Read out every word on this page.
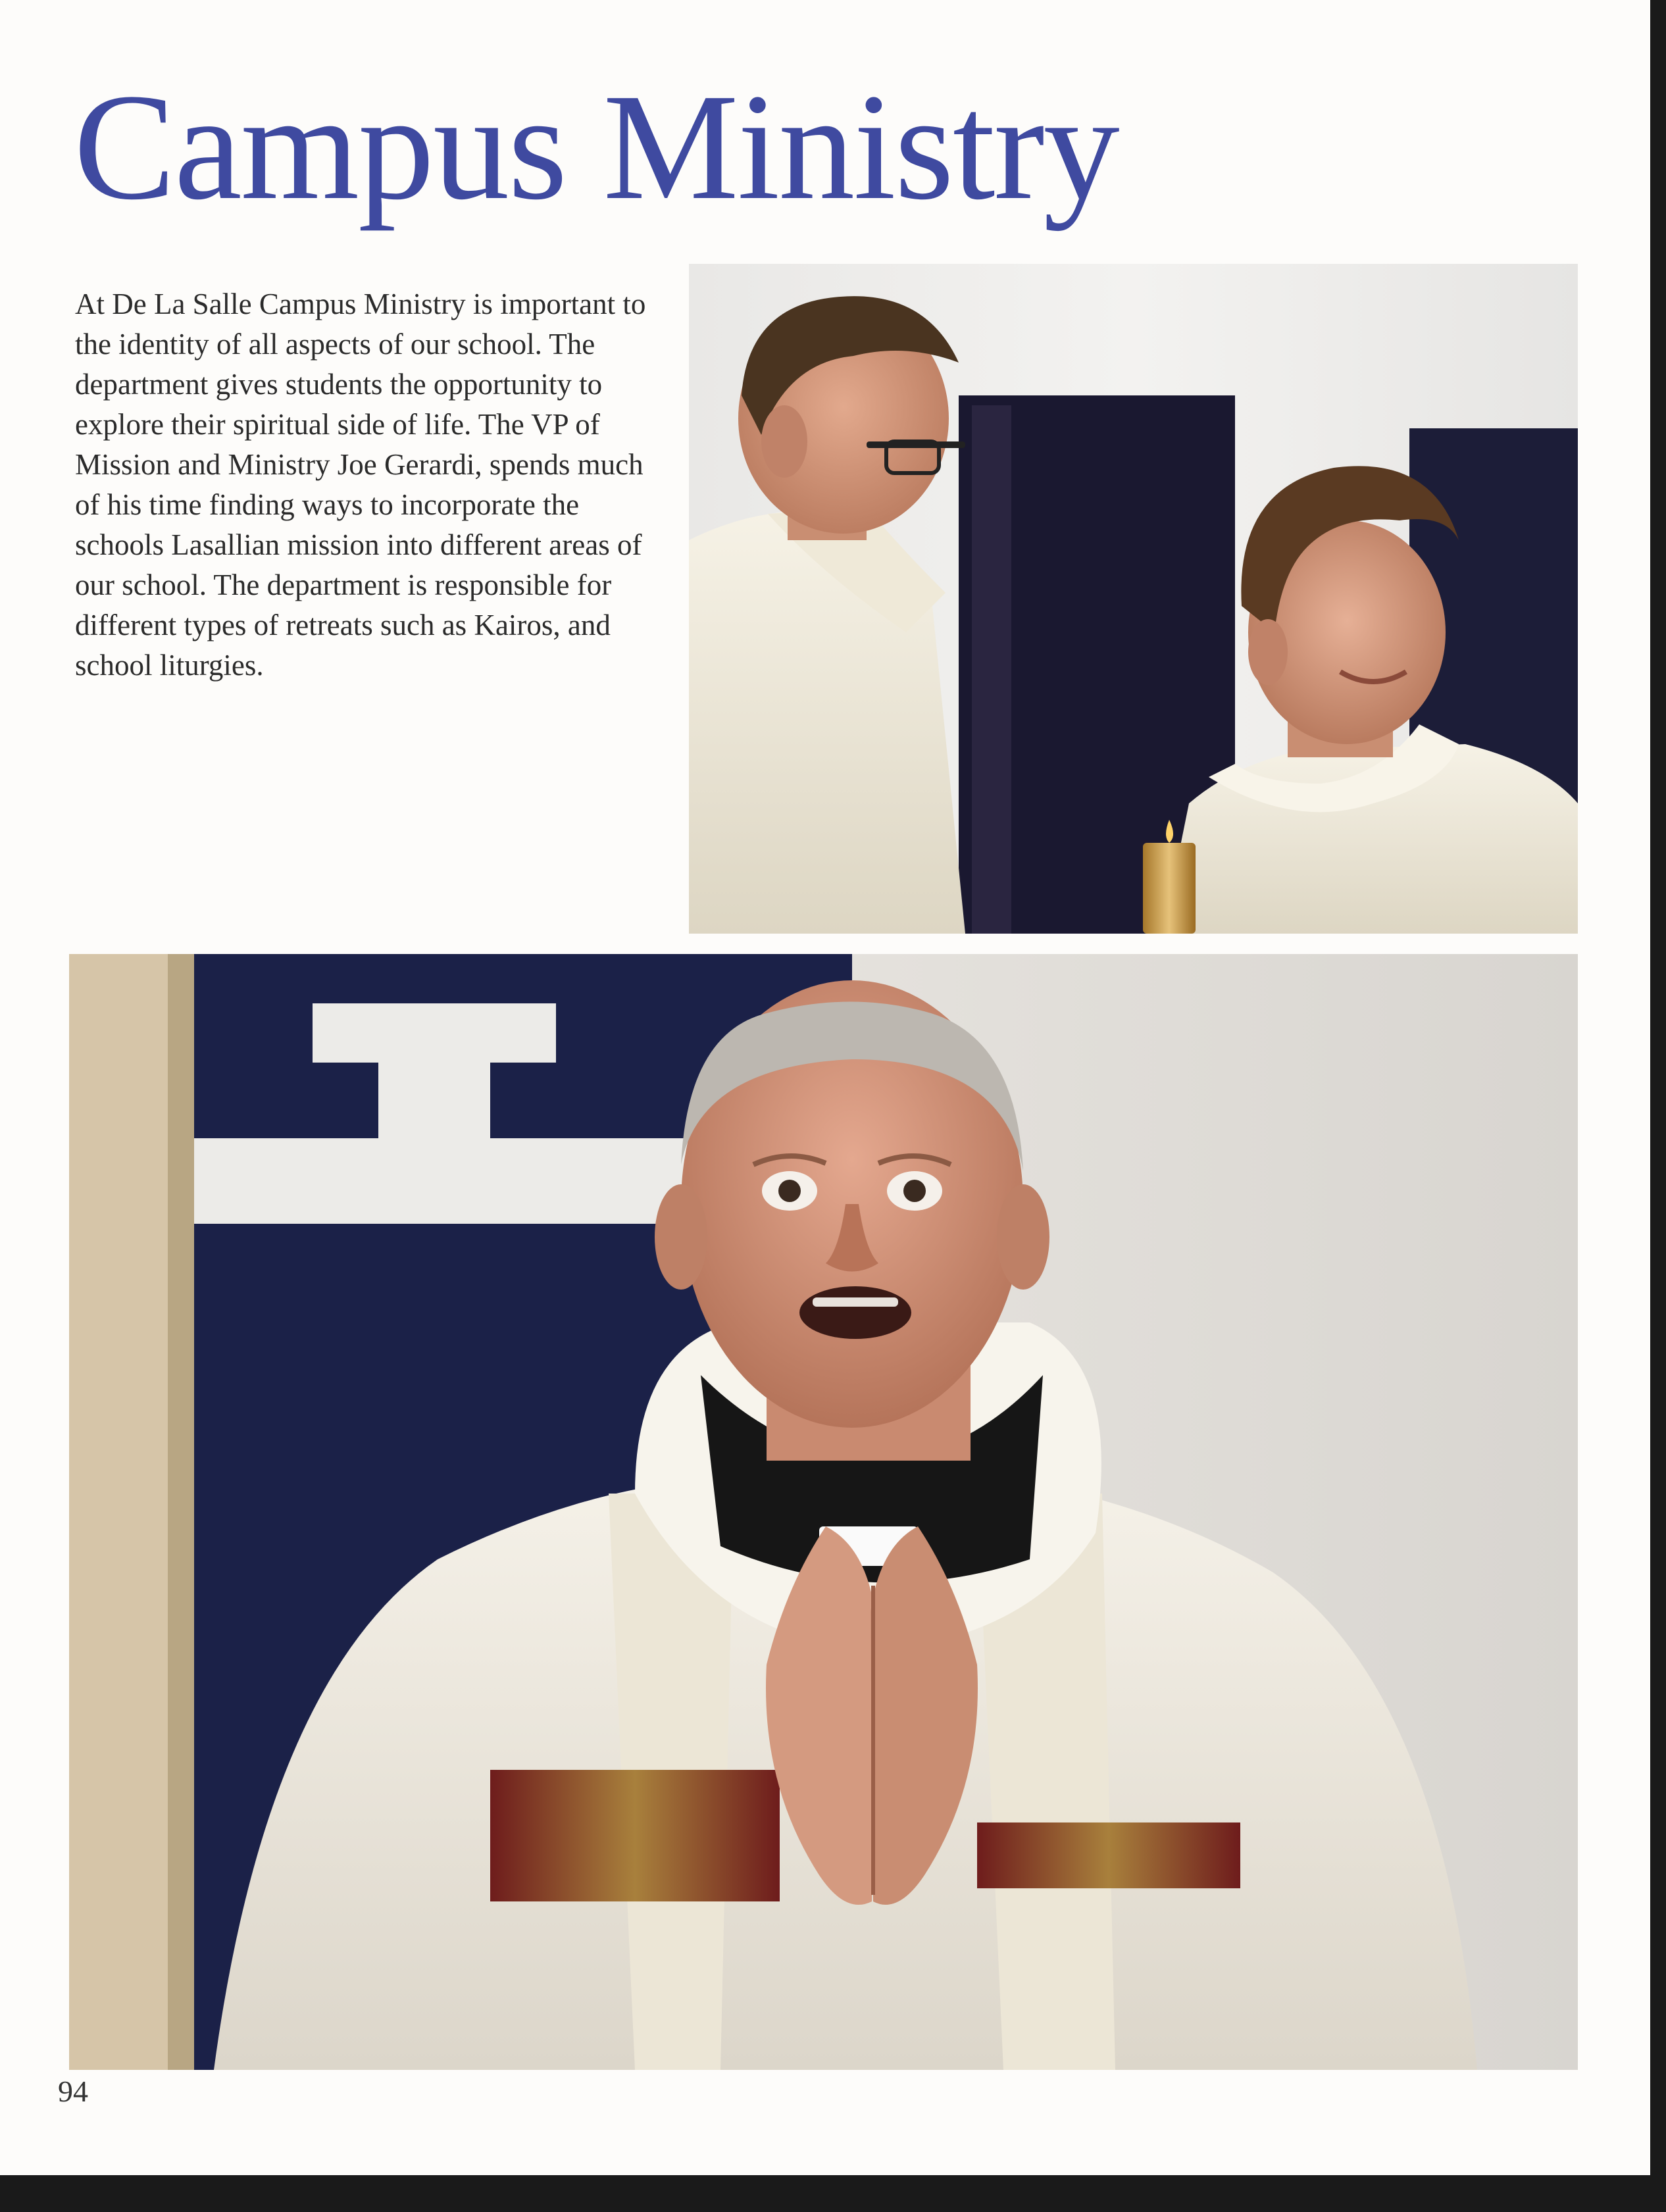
Campus Ministry

At De La Salle Campus Ministry is important to the identity of all aspects of our school. The department gives students the opportunity to explore their spiritual side of life. The VP of Mission and Ministry Joe Gerardi, spends much of his time finding ways to incorporate the schools Lasallian mission into different areas of our school. The department is responsible for different types of retreats such as Kairos, and school liturgies.

94
